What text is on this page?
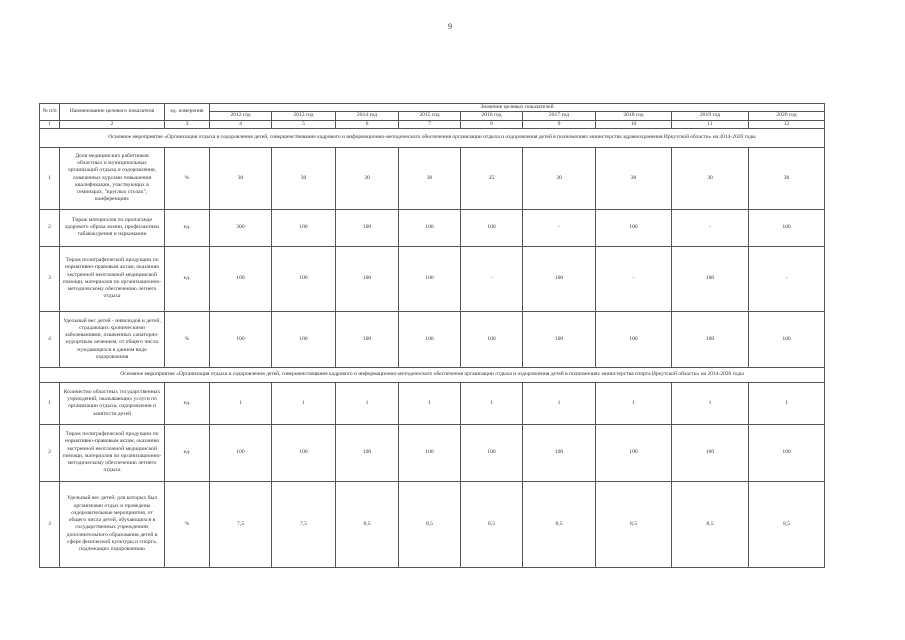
9
№ п/п	Наименование целевого показателя	ед. измерения	Значение целевых показателей								
			2012 год	2013 год	2014 год	2015 год	2016 год	2017 год	2018 год	2019 год	2020 год
1	2	3	4	5	6	7	8	9	10	11	12
Основное мероприятие «Организация отдыха и оздоровления детей, совершенствование кадрового и информационно-методического обеспечения организации отдыха и оздоровления детей в полномочиях министерства здравоохранения Иркутской области» на 2014-2020 годы											
1	Доля медицинских работников областных и муниципальных организаций отдыха и оздоровления, охваченных курсами повышения квалификации, участвующих в семинарах, "круглых столах", конференциях	%	30	30	30	30	25	30	30	30	30
2	Тираж материалов по пропаганде здорового образа жизни, профилактики табакокурения и наркомании	ед.	300	100	100	100	100	-	100	-	100
3	Тираж полиграфической продукции по нормативно-правовым актам, оказанию экстренной неотложной медицинской помощи, материалов по организационно-методическому обеспечению летнего отдыха	ед.	100	100	100	100	-	100	-	100	-
4	Удельный вес детей - инвалидов и детей, страдающих хроническими заболеваниями, охваченных санаторно-курортным лечением, от общего числа нуждающихся в данном виде оздоровления	%	100	100	100	100	100	100	100	100	100
Основное мероприятие «Организация отдыха и оздоровления детей, совершенствование кадрового и информационно-методического обеспечения организации отдыха и оздоровления детей в полномочиях министерства спорта Иркутской области» на 2014-2020 годы											
1	Количество областных государственных учреждений, оказывающих услуги по организации отдыха, оздоровления и занятости детей	ед.	1	1	1	1	1	1	1	1	1
2	Тираж полиграфической продукции по нормативно-правовым актам, оказанию экстренной неотложной медицинской помощи, материалов по организационно-методическому обеспечению летнего отдыха	ед.	100	100	100	100	100	100	100	100	100
3	Удельный вес детей, для которых был организован отдых и проведены оздоровительные мероприятия, от общего числа детей, обучающихся в государственных учреждениях дополнительного образования детей в сфере физической культуры и спорта, подлежащих оздоровлению	%	7,5	7,5	8,5	8,5	8,5	8,5	8,5	8,5	8,5
